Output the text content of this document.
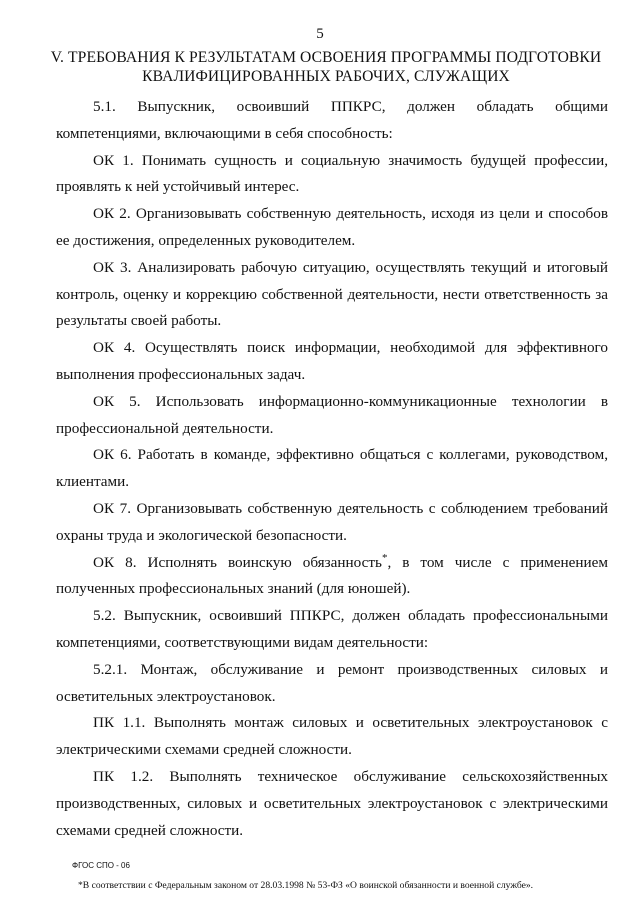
5
V. ТРЕБОВАНИЯ К РЕЗУЛЬТАТАМ ОСВОЕНИЯ ПРОГРАММЫ ПОДГОТОВКИ КВАЛИФИЦИРОВАННЫХ РАБОЧИХ, СЛУЖАЩИХ

5.1. Выпускник, освоивший ППКРС, должен обладать общими компетенциями, включающими в себя способность:

ОК 1. Понимать сущность и социальную значимость будущей профессии, проявлять к ней устойчивый интерес.

ОК 2. Организовывать собственную деятельность, исходя из цели и способов ее достижения, определенных руководителем.

ОК 3. Анализировать рабочую ситуацию, осуществлять текущий и итоговый контроль, оценку и коррекцию собственной деятельности, нести ответственность за результаты своей работы.

ОК 4. Осуществлять поиск информации, необходимой для эффективного выполнения профессиональных задач.

ОК 5. Использовать информационно-коммуникационные технологии в профессиональной деятельности.

ОК 6. Работать в команде, эффективно общаться с коллегами, руководством, клиентами.

ОК 7. Организовывать собственную деятельность с соблюдением требований охраны труда и экологической безопасности.

ОК 8. Исполнять воинскую обязанность*, в том числе с применением полученных профессиональных знаний (для юношей).

5.2. Выпускник, освоивший ППКРС, должен обладать профессиональными компетенциями, соответствующими видам деятельности:

5.2.1. Монтаж, обслуживание и ремонт производственных силовых и осветительных электроустановок.

ПК 1.1. Выполнять монтаж силовых и осветительных электроустановок с электрическими схемами средней сложности.

ПК 1.2. Выполнять техническое обслуживание сельскохозяйственных производственных, силовых и осветительных электроустановок с электрическими схемами средней сложности.

ФГОС СПО - 06
*В соответствии с Федеральным законом от 28.03.1998 № 53-ФЗ «О воинской обязанности и военной службе».
